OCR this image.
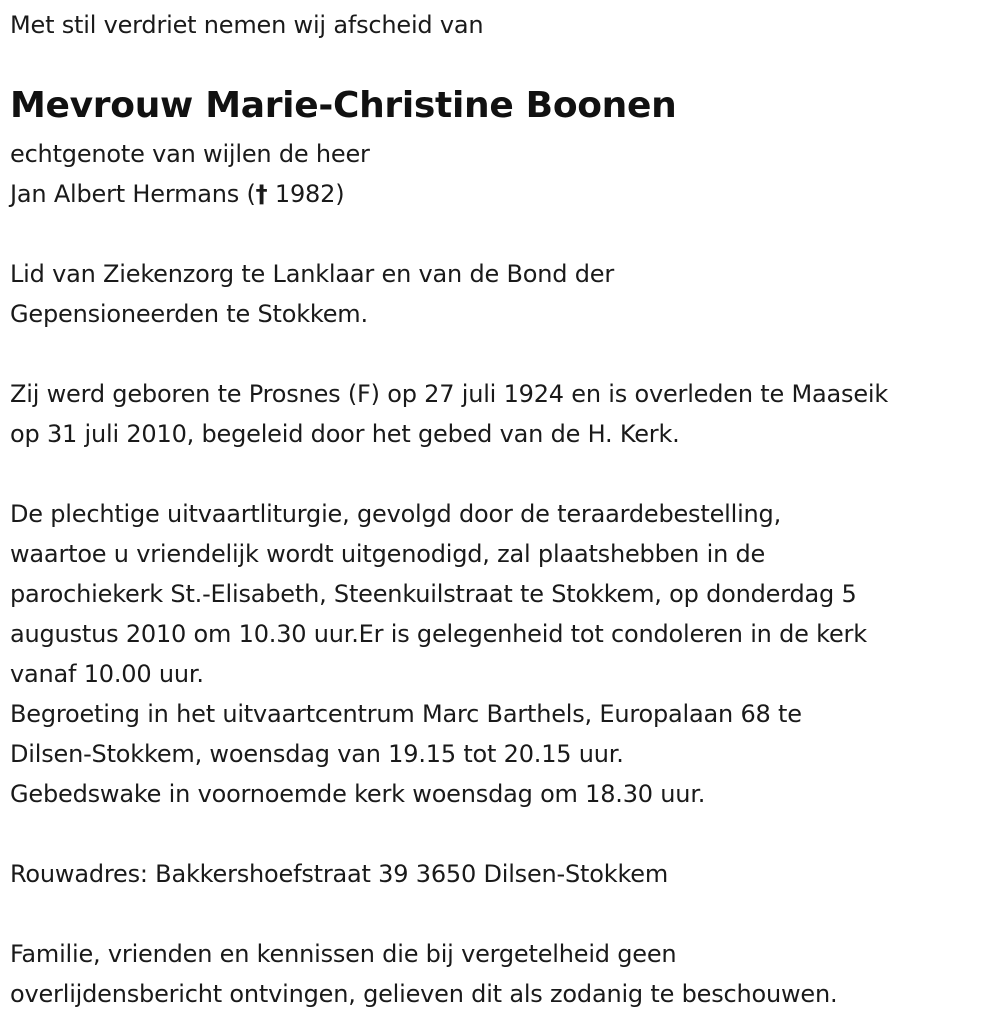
Met stil verdriet nemen wij afscheid van
Mevrouw Marie-Christine Boonen
echtgenote van wijlen de heer
Jan Albert Hermans († 1982)
Lid van Ziekenzorg te Lanklaar en van de Bond der
Gepensioneerden te Stokkem.
Zij werd geboren te Prosnes (F) op 27 juli 1924 en is overleden te Maaseik
op 31 juli 2010, begeleid door het gebed van de H. Kerk.
De plechtige uitvaartliturgie, gevolgd door de teraardebestelling,
waartoe u vriendelijk wordt uitgenodigd, zal plaatshebben in de
parochiekerk St.-Elisabeth, Steenkuilstraat te Stokkem, op donderdag 5
augustus 2010 om 10.30 uur.Er is gelegenheid tot condoleren in de kerk
vanaf 10.00 uur.
Begroeting in het uitvaartcentrum Marc Barthels, Europalaan 68 te
Dilsen-Stokkem, woensdag van 19.15 tot 20.15 uur.
Gebedswake in voornoemde kerk woensdag om 18.30 uur.
Rouwadres: Bakkershoefstraat 39 3650 Dilsen-Stokkem
Familie, vrienden en kennissen die bij vergetelheid geen
overlijdensbericht ontvingen, gelieven dit als zodanig te beschouwen.
